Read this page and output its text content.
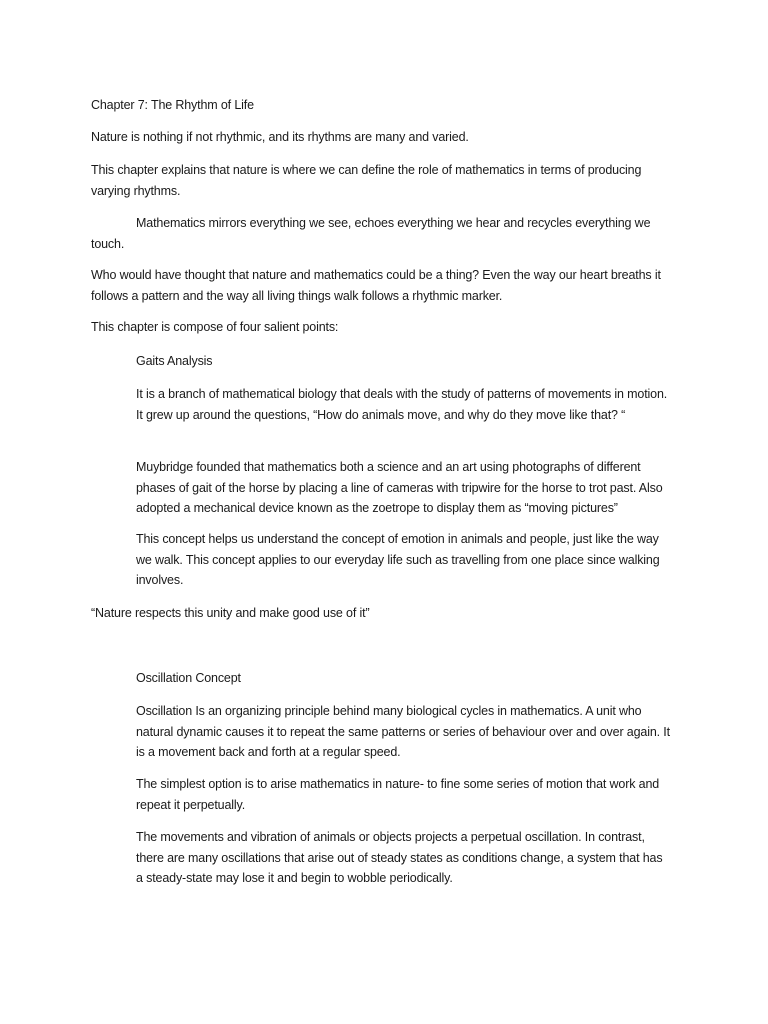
Chapter 7: The Rhythm of Life

Nature is nothing if not rhythmic, and its rhythms are many and varied.

This chapter explains that nature is where we can define the role of mathematics in terms of producing varying rhythms.

Mathematics mirrors everything we see, echoes everything we hear and recycles everything we touch.

Who would have thought that nature and mathematics could be a thing? Even the way our heart breaths it follows a pattern and the way all living things walk follows a rhythmic marker.

This chapter is compose of four salient points:

Gaits Analysis

It is a branch of mathematical biology that deals with the study of patterns of movements in motion. It grew up around the questions, “How do animals move, and why do they move like that? “

Muybridge founded that mathematics both a science and an art using photographs of different phases of gait of the horse by placing a line of cameras with tripwire for the horse to trot past. Also adopted a mechanical device known as the zoetrope to display them as “moving pictures”

This concept helps us understand the concept of emotion in animals and people, just like the way we walk. This concept applies to our everyday life such as travelling from one place since walking involves.

“Nature respects this unity and make good use of it”

Oscillation Concept

Oscillation Is an organizing principle behind many biological cycles in mathematics. A unit who natural dynamic causes it to repeat the same patterns or series of behaviour over and over again. It is a movement back and forth at a regular speed.

The simplest option is to arise mathematics in nature- to fine some series of motion that work and repeat it perpetually.

The movements and vibration of animals or objects projects a perpetual oscillation. In contrast, there are many oscillations that arise out of steady states as conditions change, a system that has a steady-state may lose it and begin to wobble periodically.
